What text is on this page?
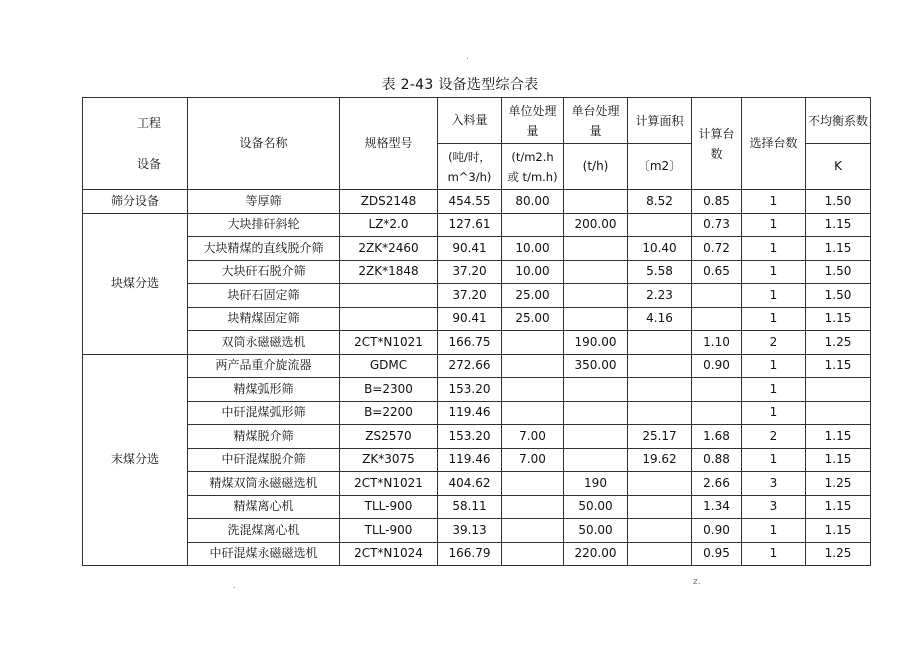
.
表 2-43 设备选型综合表
工程
设备	设备名称	规格型号	入料量	单位处理量	单台处理量	计算面积	计算台数	选择台数	不均衡系数
			(吨/时，m^3/h)	(t/m2.h 或 t/m.h)	(t/h)	〔m2〕			K
筛分设备	等厚筛	ZDS2148	454.55	80.00		8.52	0.85	1	1.50
块煤分选	大块排矸斜轮	LZ*2.0	127.61		200.00		0.73	1	1.15
	大块精煤的直线脱介筛	2ZK*2460	90.41	10.00		10.40	0.72	1	1.15
	大块矸石脱介筛	2ZK*1848	37.20	10.00		5.58	0.65	1	1.50
	块矸石固定筛		37.20	25.00		2.23		1	1.50
	块精煤固定筛		90.41	25.00		4.16		1	1.15
	双筒永磁磁选机	2CT*N1021	166.75		190.00		1.10	2	1.25
末煤分选	两产品重介旋流器	GDMC	272.66		350.00		0.90	1	1.15
	精煤弧形筛	B=2300	153.20					1	
	中矸混煤弧形筛	B=2200	119.46					1	
	精煤脱介筛	ZS2570	153.20	7.00		25.17	1.68	2	1.15
	中矸混煤脱介筛	ZK*3075	119.46	7.00		19.62	0.88	1	1.15
	精煤双筒永磁磁选机	2CT*N1021	404.62		190		2.66	3	1.25
	精煤离心机	TLL-900	58.11		50.00		1.34	3	1.15
	洗混煤离心机	TLL-900	39.13		50.00		0.90	1	1.15
	中矸混煤永磁磁选机	2CT*N1024	166.79		220.00		0.95	1	1.25
.	z.
